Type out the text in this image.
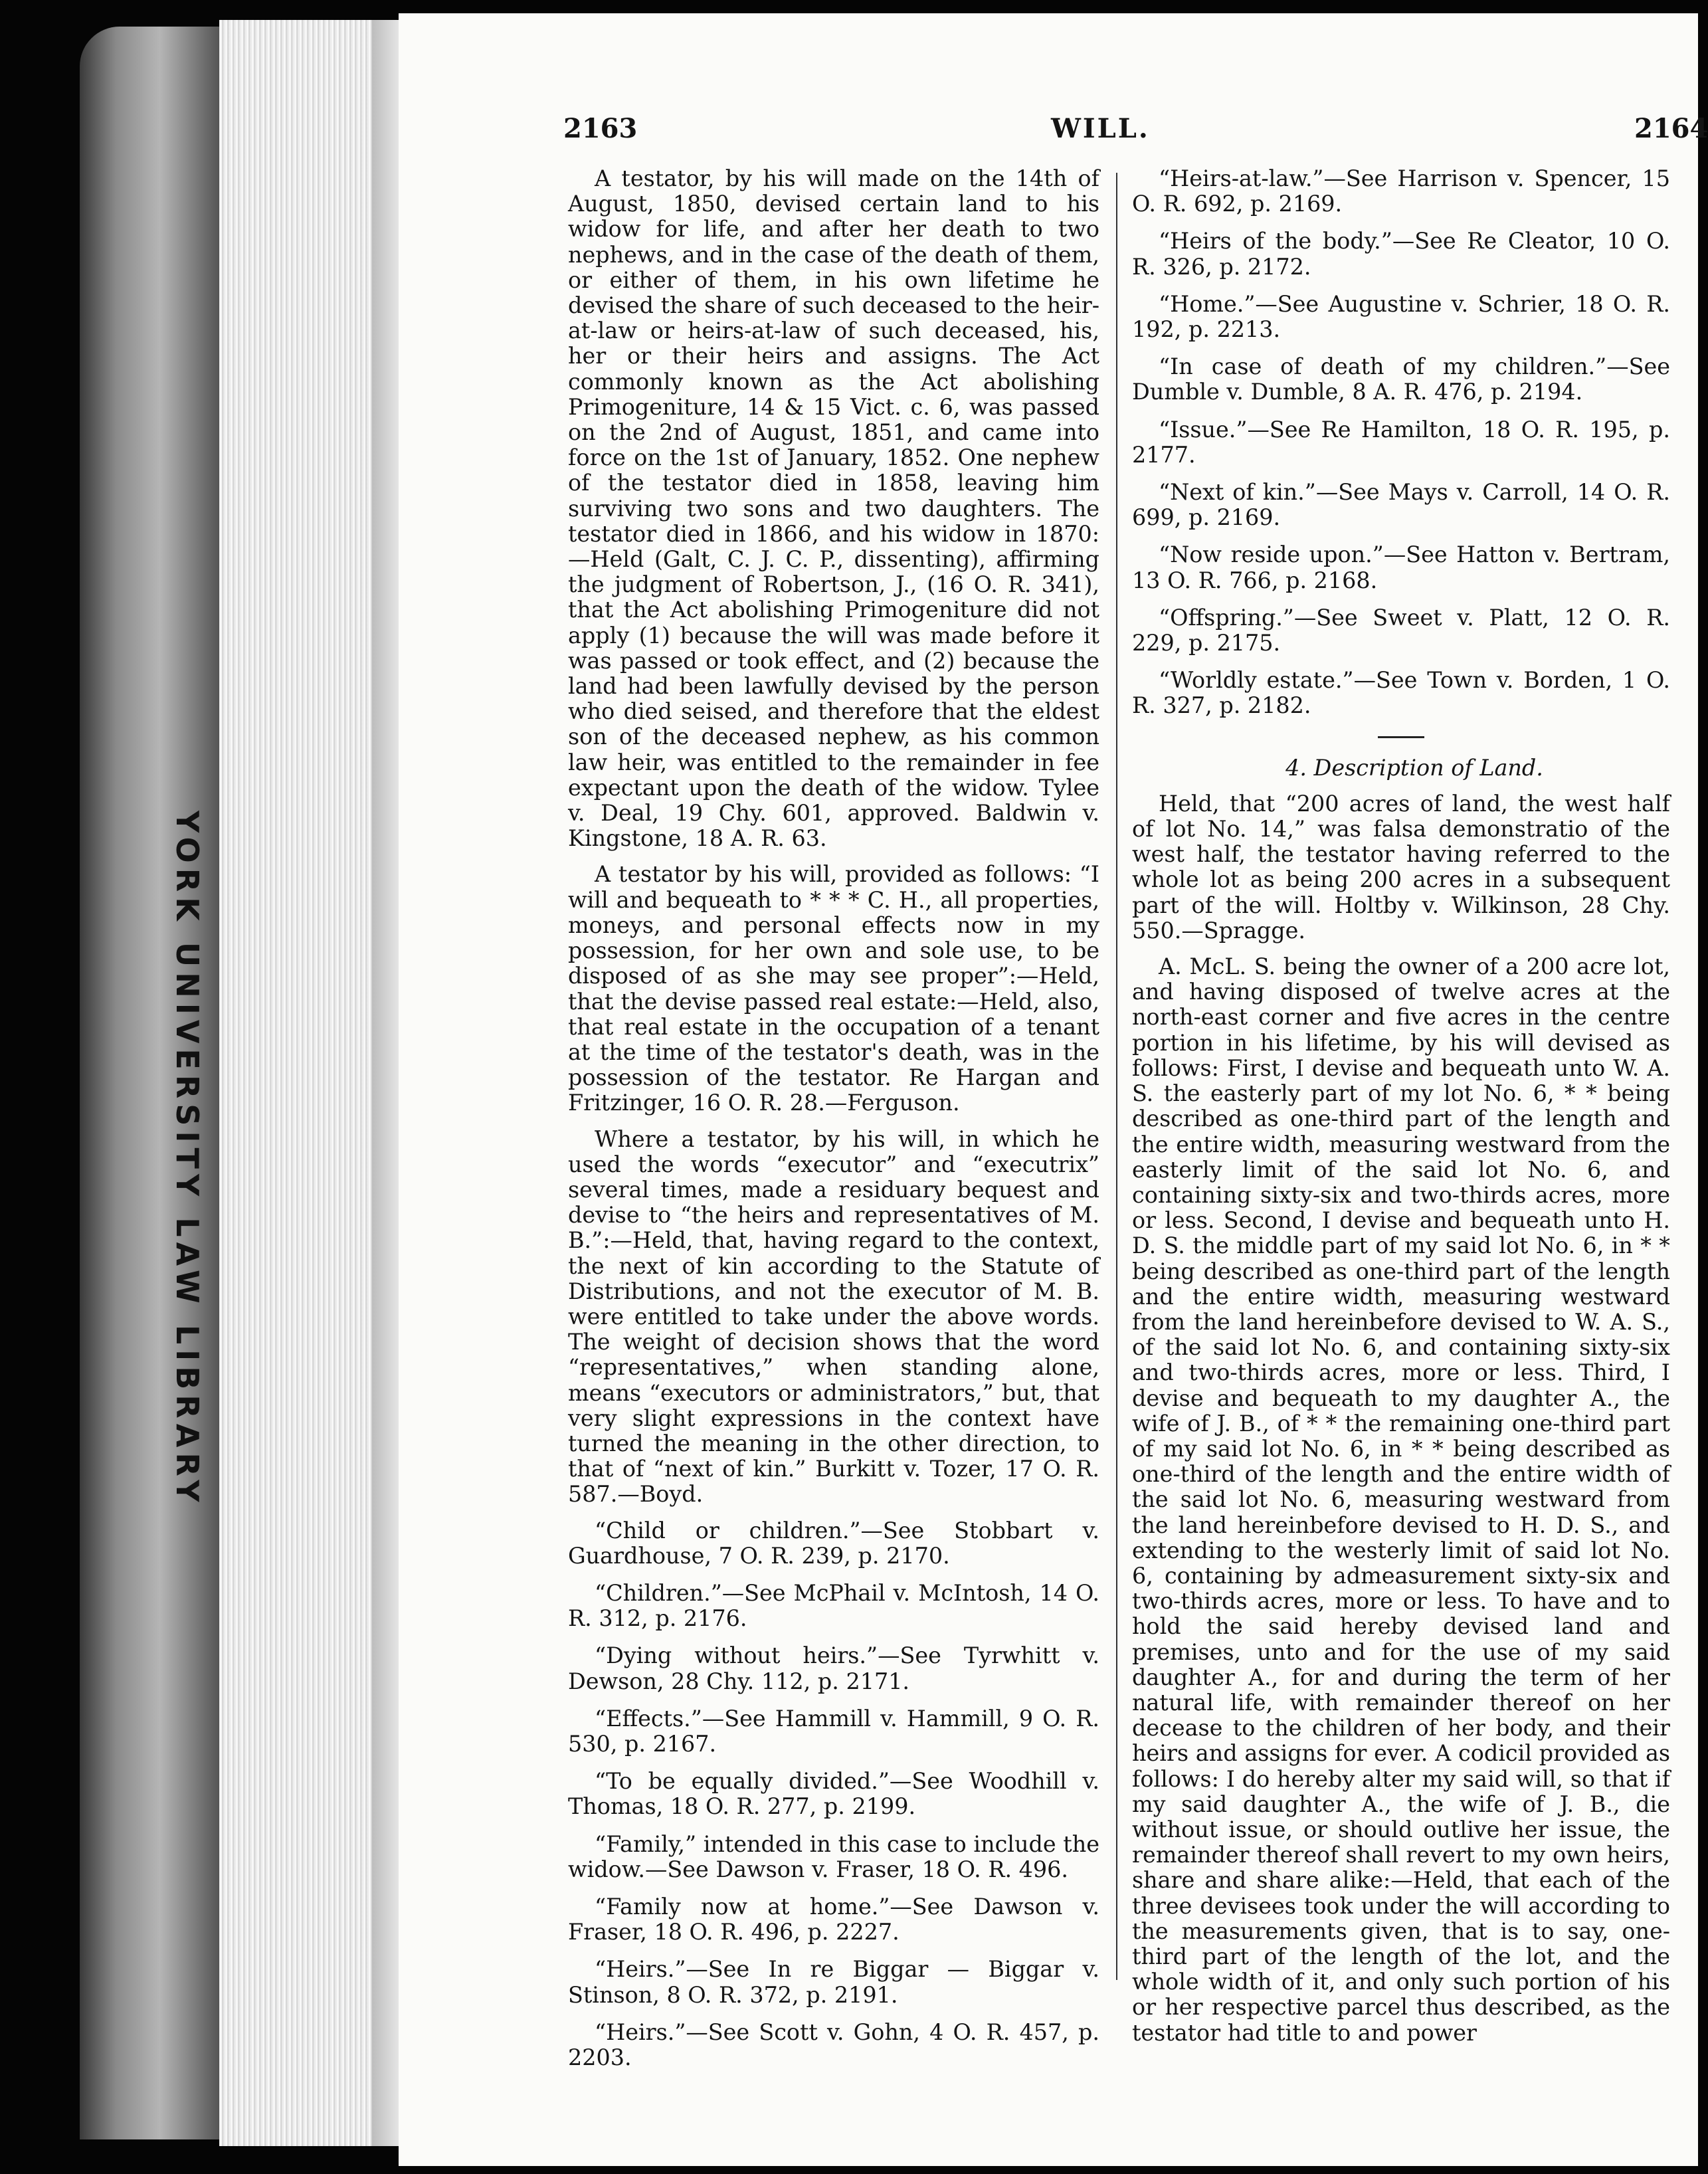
YORK UNIVERSITY LAW LIBRARY
2163	WILL.	2164

A testator, by his will made on the 14th of August, 1850, devised certain land to his widow for life, and after her death to two nephews, and in the case of the death of them, or either of them, in his own lifetime he devised the share of such deceased to the heir-at-law or heirs-at-law of such deceased, his, her or their heirs and assigns. The Act commonly known as the Act abolishing Primogeniture, 14 & 15 Vict. c. 6, was passed on the 2nd of August, 1851, and came into force on the 1st of January, 1852. One nephew of the testator died in 1858, leaving him surviving two sons and two daughters. The testator died in 1866, and his widow in 1870:—Held (Galt, C. J. C. P., dissenting), affirming the judgment of Robertson, J., (16 O. R. 341), that the Act abolishing Primogeniture did not apply (1) because the will was made before it was passed or took effect, and (2) because the land had been lawfully devised by the person who died seised, and therefore that the eldest son of the deceased nephew, as his common law heir, was entitled to the remainder in fee expectant upon the death of the widow. Tylee v. Deal, 19 Chy. 601, approved. Baldwin v. Kingstone, 18 A. R. 63.

A testator by his will, provided as follows: “I will and bequeath to * * * C. H., all properties, moneys, and personal effects now in my possession, for her own and sole use, to be disposed of as she may see proper”:—Held, that the devise passed real estate:—Held, also, that real estate in the occupation of a tenant at the time of the testator's death, was in the possession of the testator. Re Hargan and Fritzinger, 16 O. R. 28.—Ferguson.

Where a testator, by his will, in which he used the words “executor” and “executrix” several times, made a residuary bequest and devise to “the heirs and representatives of M. B.”:—Held, that, having regard to the context, the next of kin according to the Statute of Distributions, and not the executor of M. B. were entitled to take under the above words. The weight of decision shows that the word “representatives,” when standing alone, means “executors or administrators,” but, that very slight expressions in the context have turned the meaning in the other direction, to that of “next of kin.” Burkitt v. Tozer, 17 O. R. 587.—Boyd.

“Child or children.”—See Stobbart v. Guardhouse, 7 O. R. 239, p. 2170.

“Children.”—See McPhail v. McIntosh, 14 O. R. 312, p. 2176.

“Dying without heirs.”—See Tyrwhitt v. Dewson, 28 Chy. 112, p. 2171.

“Effects.”—See Hammill v. Hammill, 9 O. R. 530, p. 2167.

“To be equally divided.”—See Woodhill v. Thomas, 18 O. R. 277, p. 2199.

“Family,” intended in this case to include the widow.—See Dawson v. Fraser, 18 O. R. 496.

“Family now at home.”—See Dawson v. Fraser, 18 O. R. 496, p. 2227.

“Heirs.”—See In re Biggar — Biggar v. Stinson, 8 O. R. 372, p. 2191.

“Heirs.”—See Scott v. Gohn, 4 O. R. 457, p. 2203.

“Heirs-at-law.”—See Harrison v. Spencer, 15 O. R. 692, p. 2169.

“Heirs of the body.”—See Re Cleator, 10 O. R. 326, p. 2172.

“Home.”—See Augustine v. Schrier, 18 O. R. 192, p. 2213.

“In case of death of my children.”—See Dumble v. Dumble, 8 A. R. 476, p. 2194.

“Issue.”—See Re Hamilton, 18 O. R. 195, p. 2177.

“Next of kin.”—See Mays v. Carroll, 14 O. R. 699, p. 2169.

“Now reside upon.”—See Hatton v. Bertram, 13 O. R. 766, p. 2168.

“Offspring.”—See Sweet v. Platt, 12 O. R. 229, p. 2175.

“Worldly estate.”—See Town v. Borden, 1 O. R. 327, p. 2182.

4. Description of Land.

Held, that “200 acres of land, the west half of lot No. 14,” was falsa demonstratio of the west half, the testator having referred to the whole lot as being 200 acres in a subsequent part of the will. Holtby v. Wilkinson, 28 Chy. 550.—Spragge.

A. McL. S. being the owner of a 200 acre lot, and having disposed of twelve acres at the north-east corner and five acres in the centre portion in his lifetime, by his will devised as follows: First, I devise and bequeath unto W. A. S. the easterly part of my lot No. 6, * * being described as one-third part of the length and the entire width, measuring westward from the easterly limit of the said lot No. 6, and containing sixty-six and two-thirds acres, more or less. Second, I devise and bequeath unto H. D. S. the middle part of my said lot No. 6, in * * being described as one-third part of the length and the entire width, measuring westward from the land hereinbefore devised to W. A. S., of the said lot No. 6, and containing sixty-six and two-thirds acres, more or less. Third, I devise and bequeath to my daughter A., the wife of J. B., of * * the remaining one-third part of my said lot No. 6, in * * being described as one-third of the length and the entire width of the said lot No. 6, measuring westward from the land hereinbefore devised to H. D. S., and extending to the westerly limit of said lot No. 6, containing by admeasurement sixty-six and two-thirds acres, more or less. To have and to hold the said hereby devised land and premises, unto and for the use of my said daughter A., for and during the term of her natural life, with remainder thereof on her decease to the children of her body, and their heirs and assigns for ever. A codicil provided as follows: I do hereby alter my said will, so that if my said daughter A., the wife of J. B., die without issue, or should outlive her issue, the remainder thereof shall revert to my own heirs, share and share alike:—Held, that each of the three devisees took under the will according to the measurements given, that is to say, one-third part of the length of the lot, and the whole width of it, and only such portion of his or her respective parcel thus described, as the testator had title to and power
